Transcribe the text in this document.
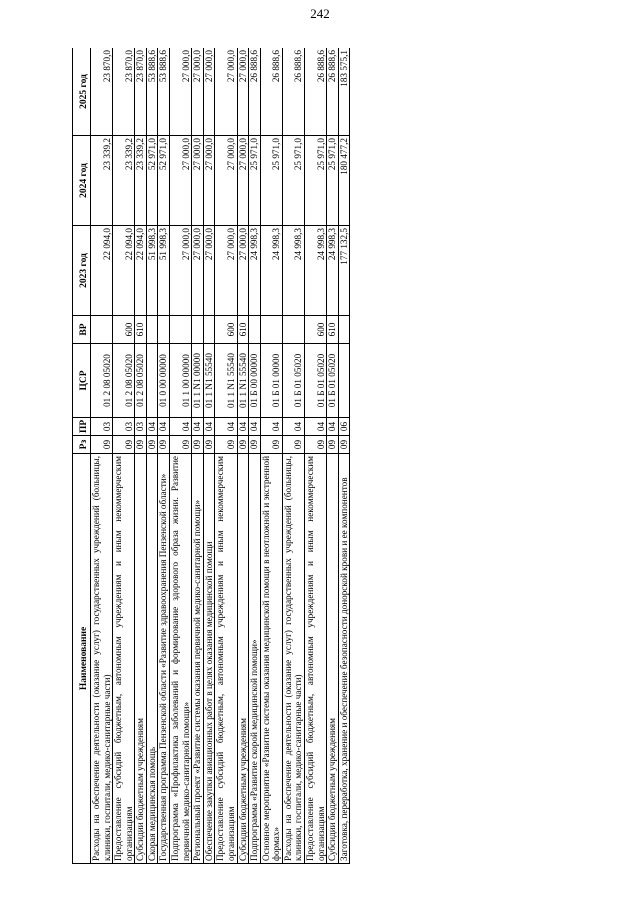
242
Наименование	Рз	ПР	ЦСР	ВР	2023 год	2024 год	2025 год
Расходы на обеспечение деятельности (оказание услуг) государственных учреждений (больницы, клиники, госпитали, медико-санитарные части)	09	03	01 2 08 05020		22 094,0	23 339,2	23 870,0
Предоставление субсидий бюджетным, автономным учреждениям и иным некоммерческим организациям	09	03	01 2 08 05020	600	22 094,0	23 339,2	23 870,0
Субсидии бюджетным учреждениям	09	03	01 2 08 05020	610	22 094,0	23 339,2	23 870,0
Скорая медицинская помощь	09	04			51 998,3	52 971,0	53 888,6
Государственная программа Пензенской области «Развитие здравоохранения Пензенской области»	09	04	01 0 00 00000		51 998,3	52 971,0	53 888,6
Подпрограмма «Профилактика заболеваний и формирование здорового образа жизни. Развитие первичной медико-санитарной помощи»	09	04	01 1 00 00000		27 000,0	27 000,0	27 000,0
Региональный проект «Развитие системы оказания первичной медико-санитарной помощи»	09	04	01 1 N1 00000		27 000,0	27 000,0	27 000,0
Обеспечение закупки авиационных работ в целях оказания медицинской помощи	09	04	01 1 N1 55540		27 000,0	27 000,0	27 000,0
Предоставление субсидий бюджетным, автономным учреждениям и иным некоммерческим организациям	09	04	01 1 N1 55540	600	27 000,0	27 000,0	27 000,0
Субсидии бюджетным учреждениям	09	04	01 1 N1 55540	610	27 000,0	27 000,0	27 000,0
Подпрограмма «Развитие скорой медицинской помощи»	09	04	01 Б 00 00000		24 998,3	25 971,0	26 888,6
Основное мероприятие «Развитие системы оказания медицинской помощи в неотложной и экстренной формах»	09	04	01 Б 01 00000		24 998,3	25 971,0	26 888,6
Расходы на обеспечение деятельности (оказание услуг) государственных учреждений (больницы, клиники, госпитали, медико-санитарные части)	09	04	01 Б 01 05020		24 998,3	25 971,0	26 888,6
Предоставление субсидий бюджетным, автономным учреждениям и иным некоммерческим организациям	09	04	01 Б 01 05020	600	24 998,3	25 971,0	26 888,6
Субсидии бюджетным учреждениям	09	04	01 Б 01 05020	610	24 998,3	25 971,0	26 888,6
Заготовка, переработка, хранение и обеспечение безопасности донорской крови и ее компонентов	09	06			177 132,5	180 477,2	183 575,1
